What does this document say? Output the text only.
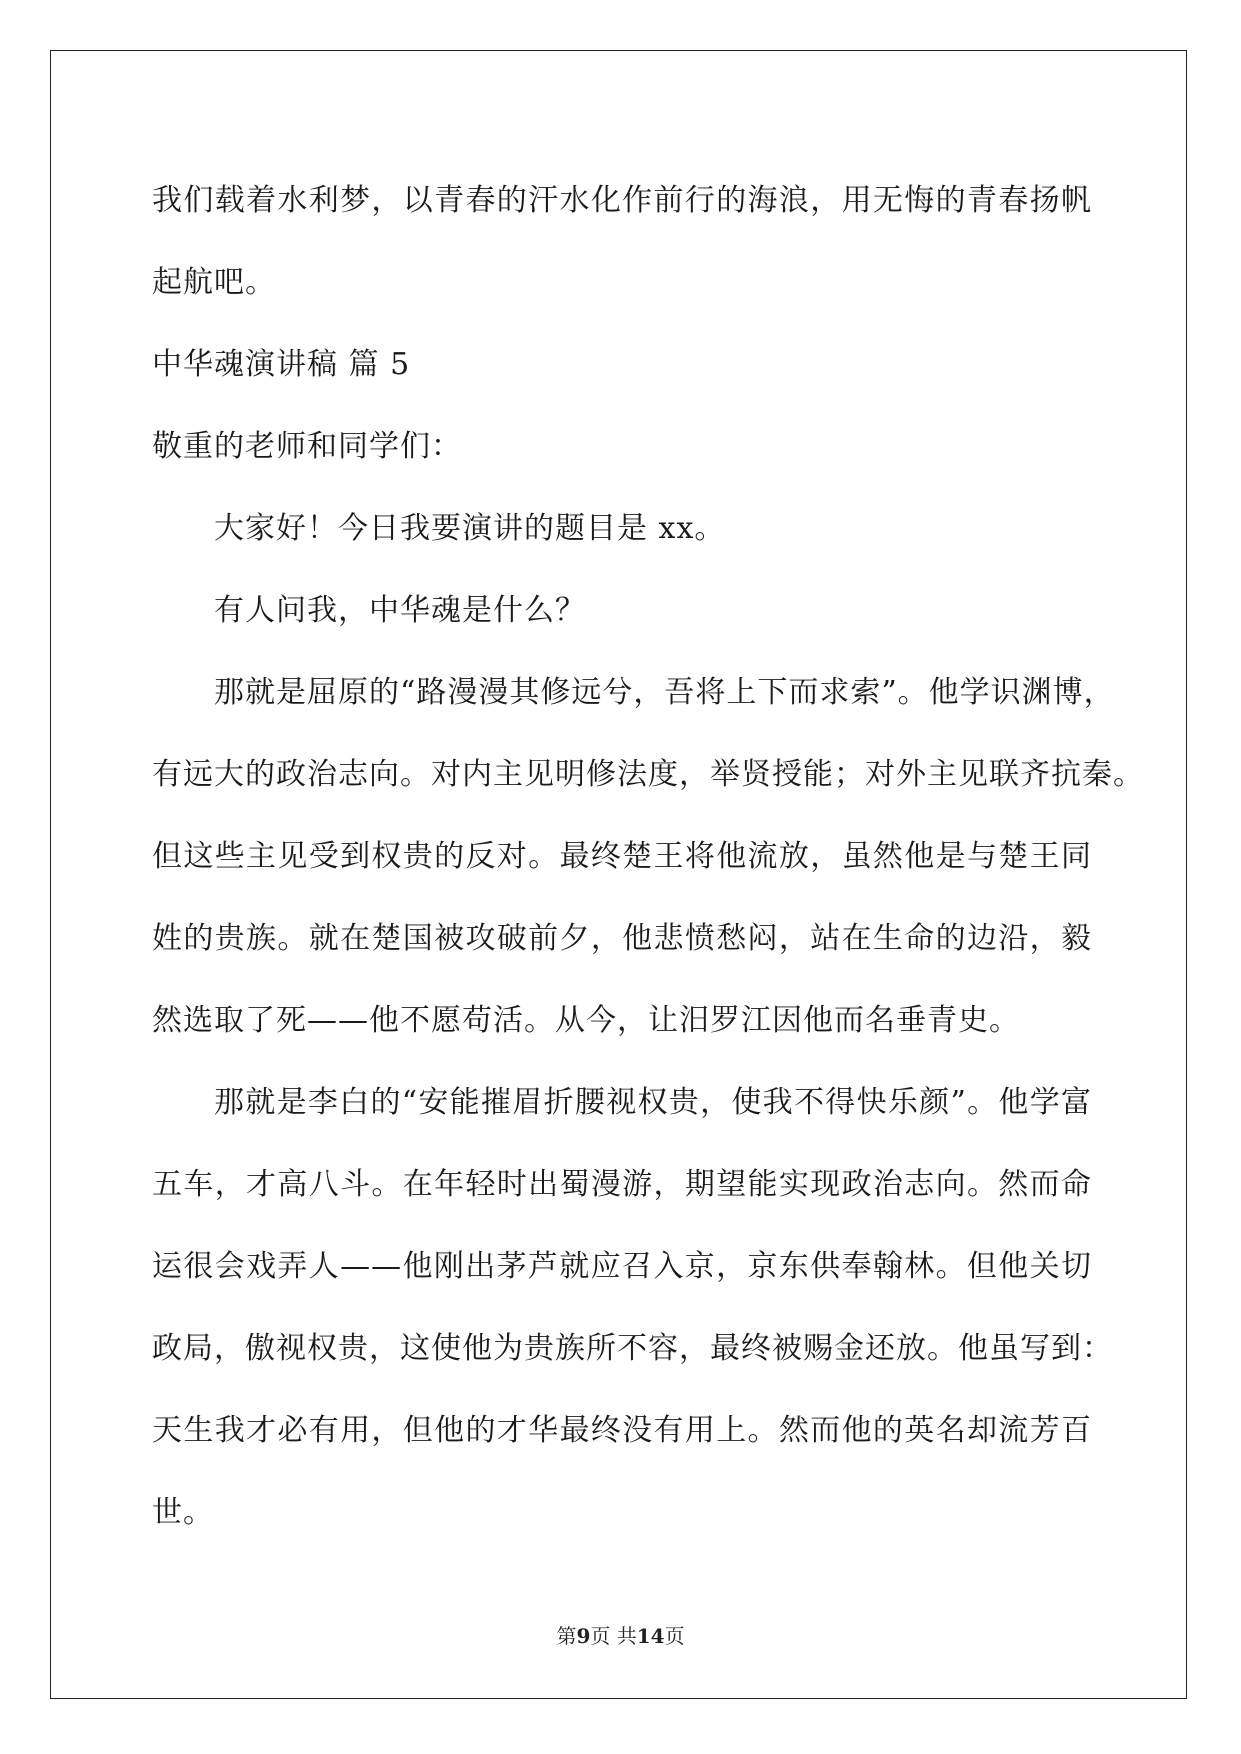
我们载着水利梦，以青春的汗水化作前行的海浪，用无悔的青春扬帆
起航吧。
中华魂演讲稿 篇 5
敬重的老师和同学们：
大家好！今日我要演讲的题目是 xx。
有人问我，中华魂是什么？
那就是屈原的“路漫漫其修远兮，吾将上下而求索”。他学识渊博，
有远大的政治志向。对内主见明修法度，举贤授能；对外主见联齐抗秦。
但这些主见受到权贵的反对。最终楚王将他流放，虽然他是与楚王同
姓的贵族。就在楚国被攻破前夕，他悲愤愁闷，站在生命的边沿，毅
然选取了死——他不愿苟活。从今，让汨罗江因他而名垂青史。
那就是李白的“安能摧眉折腰视权贵，使我不得快乐颜”。他学富
五车，才高八斗。在年轻时出蜀漫游，期望能实现政治志向。然而命
运很会戏弄人——他刚出茅芦就应召入京，京东供奉翰林。但他关切
政局，傲视权贵，这使他为贵族所不容，最终被赐金还放。他虽写到：
天生我才必有用，但他的才华最终没有用上。然而他的英名却流芳百
世。
第9页 共14页
